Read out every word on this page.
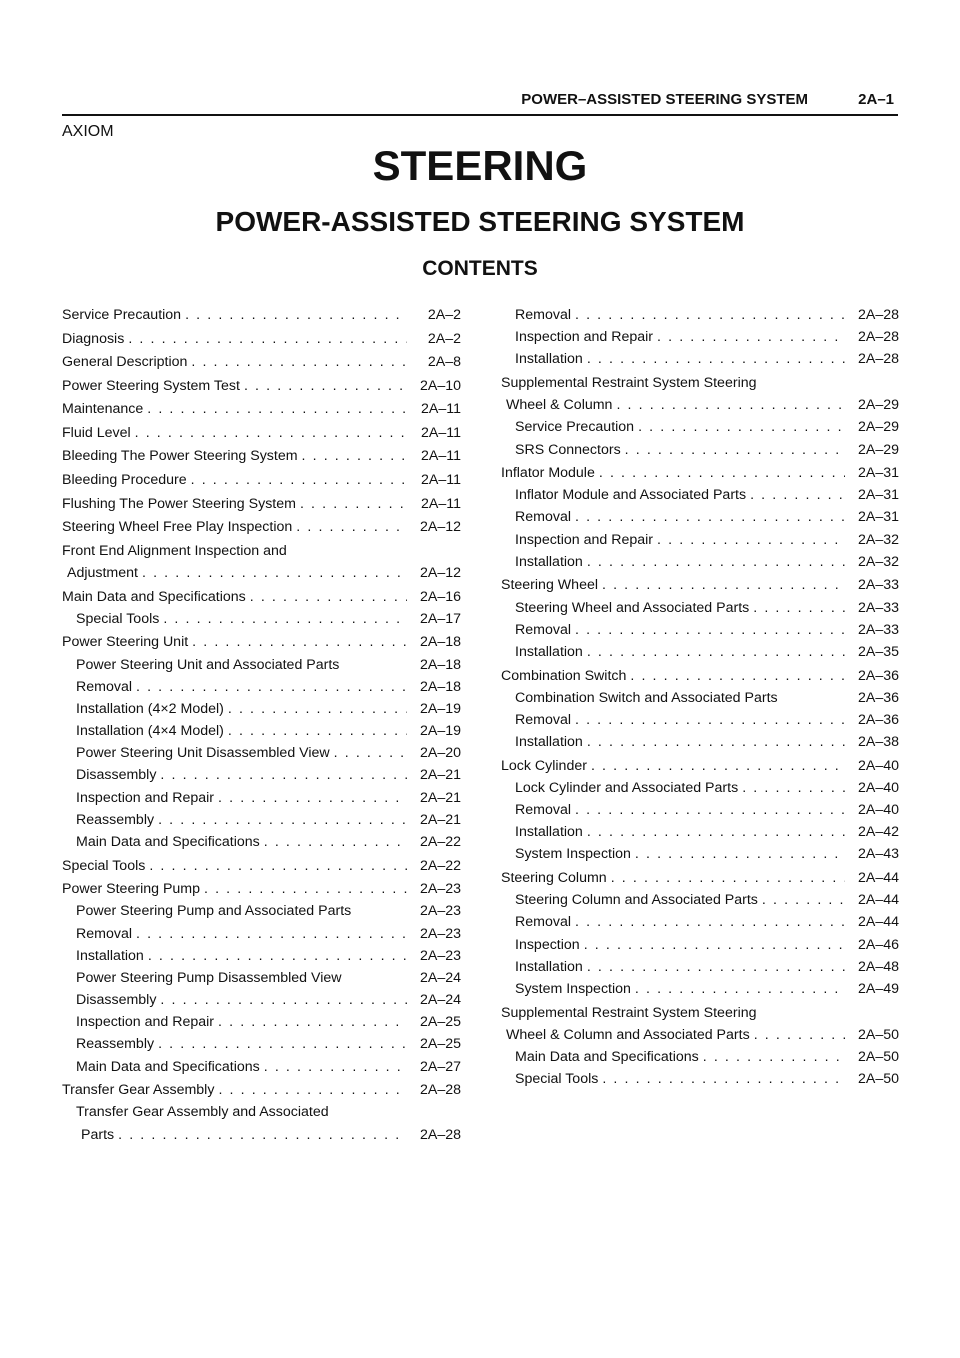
POWER–ASSISTED STEERING SYSTEM	2A–1
AXIOM
STEERING
POWER-ASSISTED STEERING SYSTEM
CONTENTS
Service Precaution . . .	2A–2
Diagnosis . . .	2A–2
General Description . . .	2A–8
Power Steering System Test . . .	2A–10
Maintenance . . .	2A–11
Fluid Level . . .	2A–11
Bleeding The Power Steering System . . .	2A–11
Bleeding Procedure . . .	2A–11
Flushing The Power Steering System . . .	2A–11
Steering Wheel Free Play Inspection . . .	2A–12
Front End Alignment Inspection and
Adjustment . . .	2A–12
Main Data and Specifications . . .	2A–16
Special Tools . . .	2A–17
Power Steering Unit . . .	2A–18
Power Steering Unit and Associated Parts	2A–18
Removal . . .	2A–18
Installation (4×2 Model) . . .	2A–19
Installation (4×4 Model) . . .	2A–19
Power Steering Unit Disassembled View . . .	2A–20
Disassembly . . .	2A–21
Inspection and Repair . . .	2A–21
Reassembly . . .	2A–21
Main Data and Specifications . . .	2A–22
Special Tools . . .	2A–22
Power Steering Pump . . .	2A–23
Power Steering Pump and Associated Parts	2A–23
Removal . . .	2A–23
Installation . . .	2A–23
Power Steering Pump Disassembled View	2A–24
Disassembly . . .	2A–24
Inspection and Repair . . .	2A–25
Reassembly . . .	2A–25
Main Data and Specifications . . .	2A–27
Transfer Gear Assembly . . .	2A–28
Transfer Gear Assembly and Associated
Parts . . .	2A–28
Removal . . .	2A–28
Inspection and Repair . . .	2A–28
Installation . . .	2A–28
Supplemental Restraint System Steering
Wheel & Column . . .	2A–29
Service Precaution . . .	2A–29
SRS Connectors . . .	2A–29
Inflator Module . . .	2A–31
Inflator Module and Associated Parts . . .	2A–31
Removal . . .	2A–31
Inspection and Repair . . .	2A–32
Installation . . .	2A–32
Steering Wheel . . .	2A–33
Steering Wheel and Associated Parts . . .	2A–33
Removal . . .	2A–33
Installation . . .	2A–35
Combination Switch . . .	2A–36
Combination Switch and Associated Parts	2A–36
Removal . . .	2A–36
Installation . . .	2A–38
Lock Cylinder . . .	2A–40
Lock Cylinder and Associated Parts . . .	2A–40
Removal . . .	2A–40
Installation . . .	2A–42
System Inspection . . .	2A–43
Steering Column . . .	2A–44
Steering Column and Associated Parts . . .	2A–44
Removal . . .	2A–44
Inspection . . .	2A–46
Installation . . .	2A–48
System Inspection . . .	2A–49
Supplemental Restraint System Steering
Wheel & Column and Associated Parts . . .	2A–50
Main Data and Specifications . . .	2A–50
Special Tools . . .	2A–50
